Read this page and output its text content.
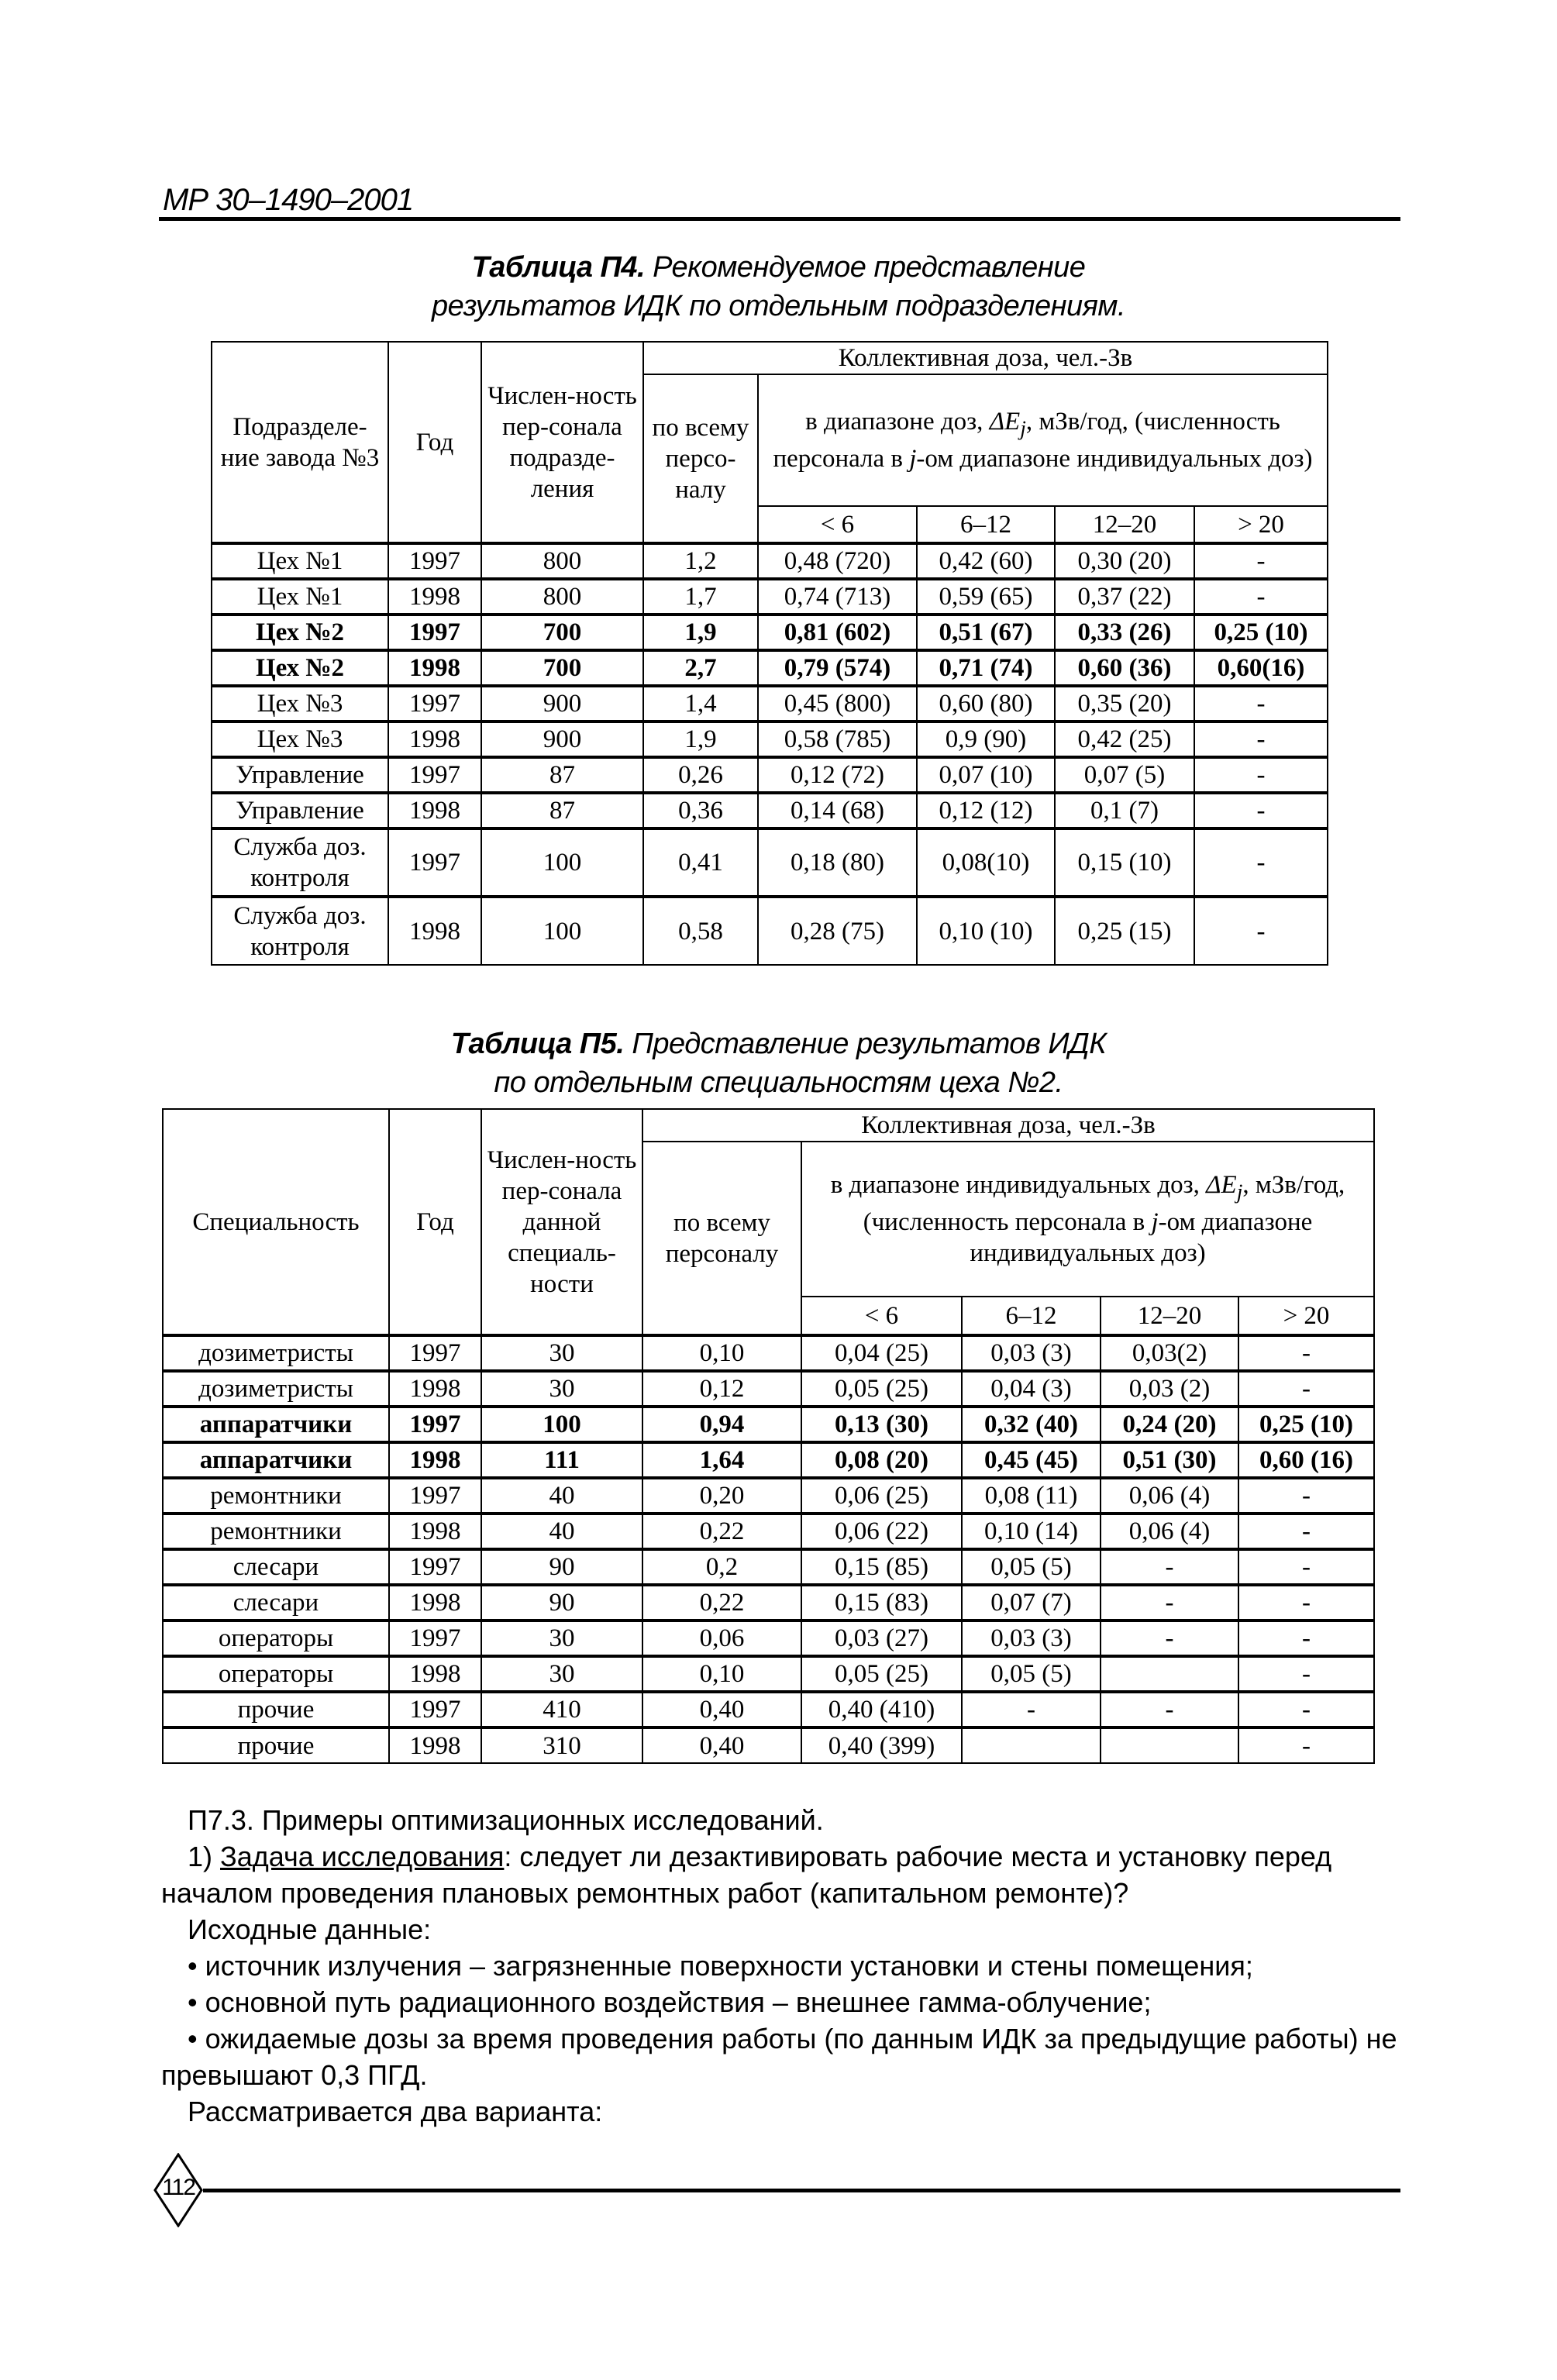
МР 30–1490–2001
Таблица П4. Рекомендуемое представление
результатов ИДК по отдельным подразделениям.
Подразделе-ние завода №3	Год	Числен-ность пер-сонала подразде-ления	Коллективная доза, чел.-Зв				
			по всему персо-налу	в диапазоне доз, $\Delta E_j$, мЗв/год, (численность персонала в j-ом диапазоне индивидуальных доз)			
				< 6	6–12	12–20	> 20
Цех №1	1997	800	1,2	0,48 (720)	0,42 (60)	0,30 (20)	-
Цех №1	1998	800	1,7	0,74 (713)	0,59 (65)	0,37 (22)	-
Цех №2	1997	700	1,9	0,81 (602)	0,51 (67)	0,33 (26)	0,25 (10)
Цех №2	1998	700	2,7	0,79 (574)	0,71 (74)	0,60 (36)	0,60(16)
Цех №3	1997	900	1,4	0,45 (800)	0,60 (80)	0,35 (20)	-
Цех №3	1998	900	1,9	0,58 (785)	0,9 (90)	0,42 (25)	-
Управление	1997	87	0,26	0,12 (72)	0,07 (10)	0,07 (5)	-
Управление	1998	87	0,36	0,14 (68)	0,12 (12)	0,1 (7)	-
Служба доз. контроля	1997	100	0,41	0,18 (80)	0,08(10)	0,15 (10)	-
Служба доз. контроля	1998	100	0,58	0,28 (75)	0,10 (10)	0,25 (15)	-
Таблица П5. Представление результатов ИДК
по отдельным специальностям цеха №2.
Специальность	Год	Числен-ность пер-сонала данной специаль-ности	Коллективная доза, чел.-Зв				
			по всему персоналу	в диапазоне индивидуальных доз, $\Delta E_j$, мЗв/год, (численность персонала в j-ом диапазоне индивидуальных доз)			
				< 6	6–12	12–20	> 20
дозиметристы	1997	30	0,10	0,04 (25)	0,03 (3)	0,03(2)	-
дозиметристы	1998	30	0,12	0,05 (25)	0,04 (3)	0,03 (2)	-
аппаратчики	1997	100	0,94	0,13 (30)	0,32 (40)	0,24 (20)	0,25 (10)
аппаратчики	1998	111	1,64	0,08 (20)	0,45 (45)	0,51 (30)	0,60 (16)
ремонтники	1997	40	0,20	0,06 (25)	0,08 (11)	0,06 (4)	-
ремонтники	1998	40	0,22	0,06 (22)	0,10 (14)	0,06 (4)	-
слесари	1997	90	0,2	0,15 (85)	0,05 (5)	-	-
слесари	1998	90	0,22	0,15 (83)	0,07 (7)	-	-
операторы	1997	30	0,06	0,03 (27)	0,03 (3)	-	-
операторы	1998	30	0,10	0,05 (25)	0,05 (5)		-
прочие	1997	410	0,40	0,40 (410)	-	-	-
прочие	1998	310	0,40	0,40 (399)			-

П7.3. Примеры оптимизационных исследований.

1) Задача исследования: следует ли дезактивировать рабочие места и установку перед началом проведения плановых ремонтных работ (капитальном ремонте)?

Исходные данные:

• источник излучения – загрязненные поверхности установки и стены помещения;

• основной путь радиационного воздействия – внешнее гамма-облучение;

• ожидаемые дозы за время проведения работы (по данным ИДК за предыдущие работы) не превышают 0,3 ПГД.

Рассматривается два варианта:

112
